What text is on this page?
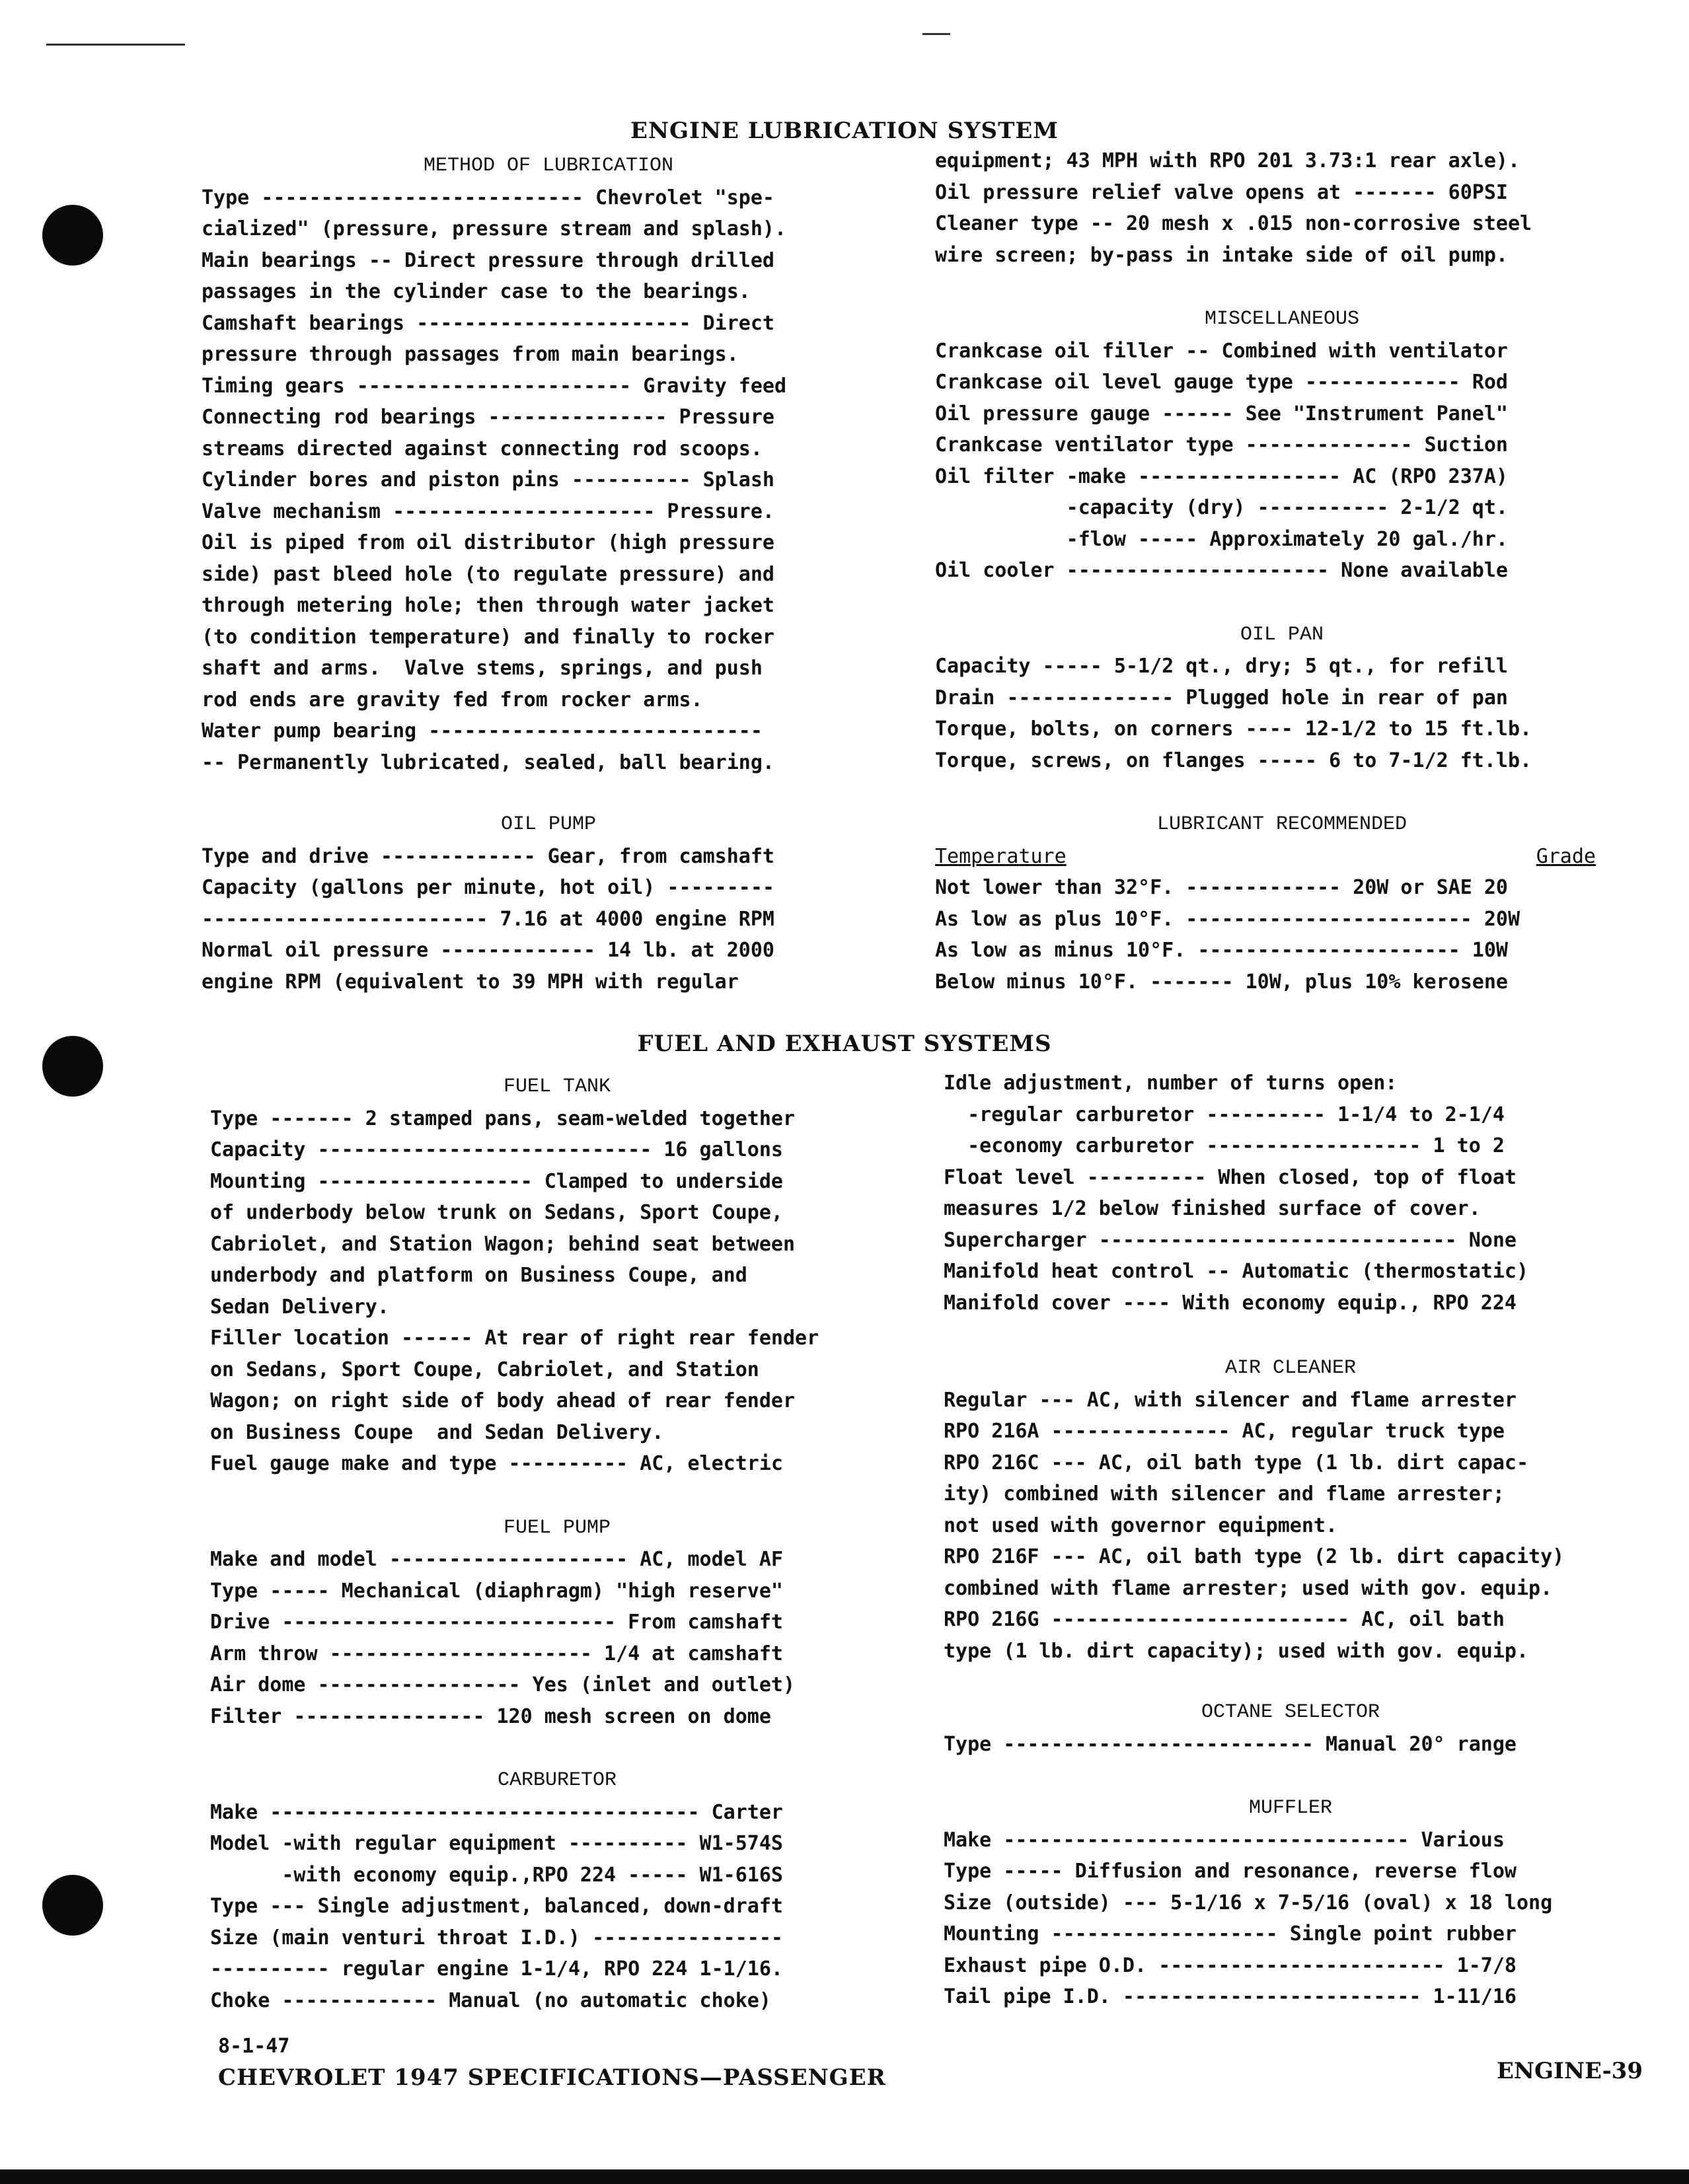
ENGINE LUBRICATION SYSTEM
FUEL AND EXHAUST SYSTEMS

METHOD OF LUBRICATION

Type --------------------------- Chevrolet "spe-

cialized" (pressure, pressure stream and splash).

Main bearings -- Direct pressure through drilled

passages in the cylinder case to the bearings.

Camshaft bearings ----------------------- Direct

pressure through passages from main bearings.

Timing gears ----------------------- Gravity feed

Connecting rod bearings --------------- Pressure

streams directed against connecting rod scoops.

Cylinder bores and piston pins ---------- Splash

Valve mechanism ---------------------- Pressure.

Oil is piped from oil distributor (high pressure

side) past bleed hole (to regulate pressure) and

through metering hole; then through water jacket

(to condition temperature) and finally to rocker

shaft and arms.  Valve stems, springs, and push

rod ends are gravity fed from rocker arms.

Water pump bearing ----------------------------

-- Permanently lubricated, sealed, ball bearing.

OIL PUMP

Type and drive ------------- Gear, from camshaft

Capacity (gallons per minute, hot oil) ---------

------------------------ 7.16 at 4000 engine RPM

Normal oil pressure ------------- 14 lb. at 2000

engine RPM (equivalent to 39 MPH with regular

equipment; 43 MPH with RPO 201 3.73:1 rear axle).

Oil pressure relief valve opens at ------- 60PSI

Cleaner type -- 20 mesh x .015 non-corrosive steel

wire screen; by-pass in intake side of oil pump.

MISCELLANEOUS

Crankcase oil filler -- Combined with ventilator

Crankcase oil level gauge type ------------- Rod

Oil pressure gauge ------ See "Instrument Panel"

Crankcase ventilator type -------------- Suction

Oil filter -make ----------------- AC (RPO 237A)

-capacity (dry) ----------- 2-1/2 qt.

-flow ----- Approximately 20 gal./hr.

Oil cooler ---------------------- None available

OIL PAN

Capacity ----- 5-1/2 qt., dry; 5 qt., for refill

Drain -------------- Plugged hole in rear of pan

Torque, bolts, on corners ---- 12-1/2 to 15 ft.lb.

Torque, screws, on flanges ----- 6 to 7-1/2 ft.lb.

LUBRICANT RECOMMENDED

Temperature	Grade

Not lower than 32°F. ------------- 20W or SAE 20

As low as plus 10°F. ------------------------ 20W

As low as minus 10°F. ---------------------- 10W

Below minus 10°F. ------- 10W, plus 10% kerosene

FUEL TANK

Type ------- 2 stamped pans, seam-welded together

Capacity ---------------------------- 16 gallons

Mounting ------------------ Clamped to underside

of underbody below trunk on Sedans, Sport Coupe,

Cabriolet, and Station Wagon; behind seat between

underbody and platform on Business Coupe, and

Sedan Delivery.

Filler location ------ At rear of right rear fender

on Sedans, Sport Coupe, Cabriolet, and Station

Wagon; on right side of body ahead of rear fender

on Business Coupe  and Sedan Delivery.

Fuel gauge make and type ---------- AC, electric

FUEL PUMP

Make and model -------------------- AC, model AF

Type ----- Mechanical (diaphragm) "high reserve"

Drive ---------------------------- From camshaft

Arm throw ---------------------- 1/4 at camshaft

Air dome ----------------- Yes (inlet and outlet)

Filter ---------------- 120 mesh screen on dome

CARBURETOR

Make ------------------------------------ Carter

Model -with regular equipment ---------- W1-574S

-with economy equip.,RPO 224 ----- W1-616S

Type --- Single adjustment, balanced, down-draft

Size (main venturi throat I.D.) ----------------

---------- regular engine 1-1/4, RPO 224 1-1/16.

Choke ------------- Manual (no automatic choke)

Idle adjustment, number of turns open:

-regular carburetor ---------- 1-1/4 to 2-1/4

-economy carburetor ------------------ 1 to 2

Float level ---------- When closed, top of float

measures 1/2 below finished surface of cover.

Supercharger ------------------------------ None

Manifold heat control -- Automatic (thermostatic)

Manifold cover ---- With economy equip., RPO 224

AIR CLEANER

Regular --- AC, with silencer and flame arrester

RPO 216A --------------- AC, regular truck type

RPO 216C --- AC, oil bath type (1 lb. dirt capac-

ity) combined with silencer and flame arrester;

not used with governor equipment.

RPO 216F --- AC, oil bath type (2 lb. dirt capacity)

combined with flame arrester; used with gov. equip.

RPO 216G ------------------------- AC, oil bath

type (1 lb. dirt capacity); used with gov. equip.

OCTANE SELECTOR

Type -------------------------- Manual 20° range

MUFFLER

Make ---------------------------------- Various

Type ----- Diffusion and resonance, reverse flow

Size (outside) --- 5-1/16 x 7-5/16 (oval) x 18 long

Mounting ------------------- Single point rubber

Exhaust pipe O.D. ------------------------ 1-7/8

Tail pipe I.D. ------------------------- 1-11/16

8-1-47
CHEVROLET 1947 SPECIFICATIONS—PASSENGER	ENGINE-39
